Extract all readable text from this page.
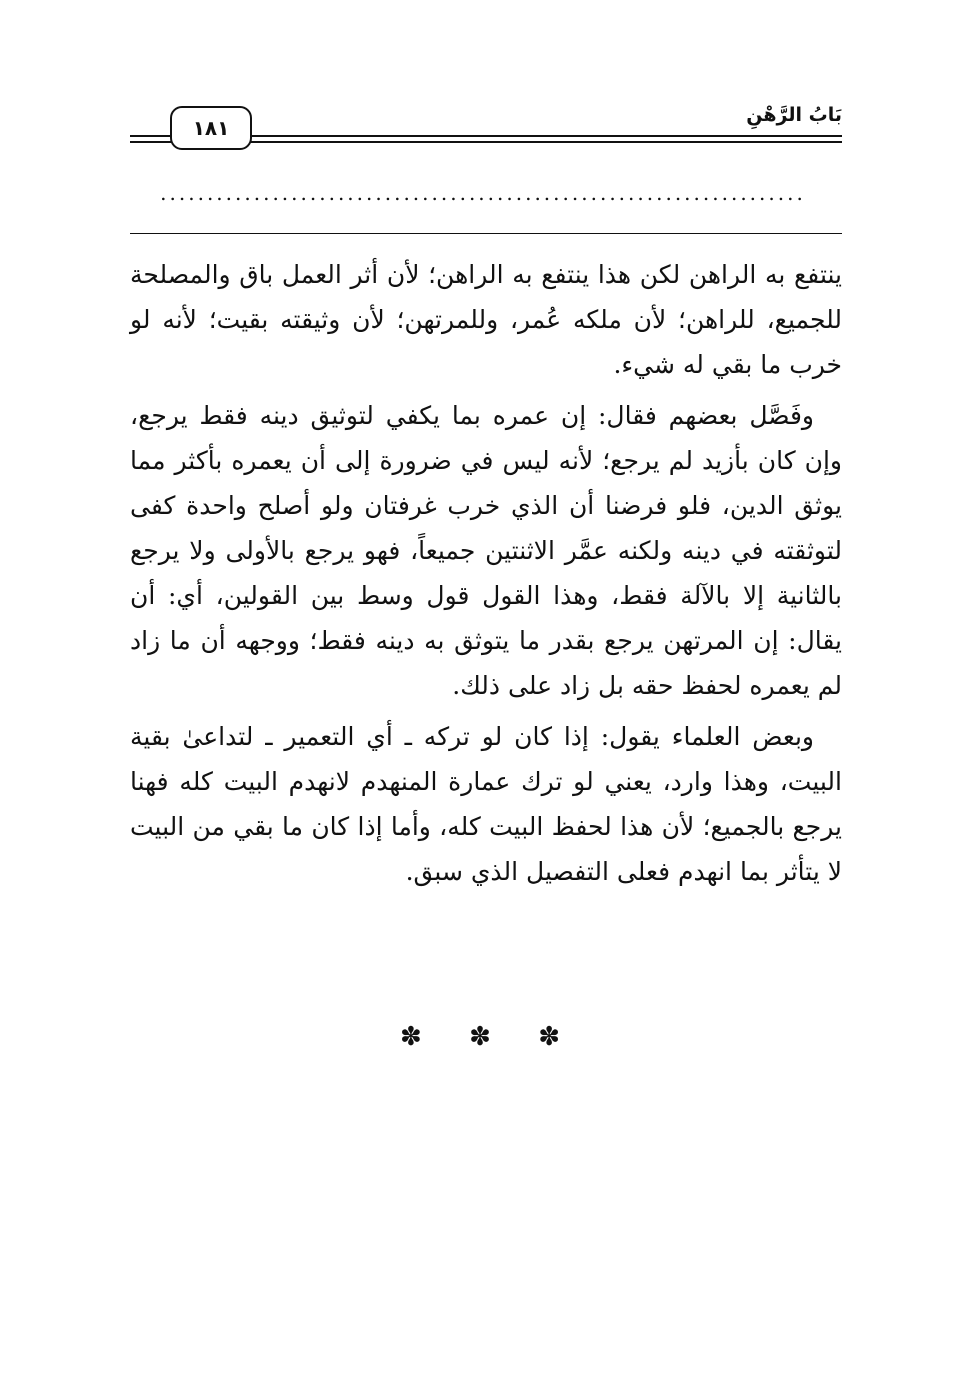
بَابُ الرَّهْنِ
١٨١
.....................................................................

ينتفع به الراهن لكن هذا ينتفع به الراهن؛ لأن أثر العمل باق والمصلحة للجميع، للراهن؛ لأن ملكه عُمر، وللمرتهن؛ لأن وثيقته بقيت؛ لأنه لو خرب ما بقي له شيء.

وفَصَّل بعضهم فقال: إن عمره بما يكفي لتوثيق دينه فقط يرجع، وإن كان بأزيد لم يرجع؛ لأنه ليس في ضرورة إلى أن يعمره بأكثر مما يوثق الدين، فلو فرضنا أن الذي خرب غرفتان ولو أصلح واحدة كفى لتوثقته في دينه ولكنه عمَّر الاثنتين جميعاً، فهو يرجع بالأولى ولا يرجع بالثانية إلا بالآلة فقط، وهذا القول قول وسط بين القولين، أي: أن يقال: إن المرتهن يرجع بقدر ما يتوثق به دينه فقط؛ ووجهه أن ما زاد لم يعمره لحفظ حقه بل زاد على ذلك.

وبعض العلماء يقول: إذا كان لو تركه ـ أي التعمير ـ لتداعىٰ بقية البيت، وهذا وارد، يعني لو ترك عمارة المنهدم لانهدم البيت كله فهنا يرجع بالجميع؛ لأن هذا لحفظ البيت كله، وأما إذا كان ما بقي من البيت لا يتأثر بما انهدم فعلى التفصيل الذي سبق.

✽ ✽ ✽
